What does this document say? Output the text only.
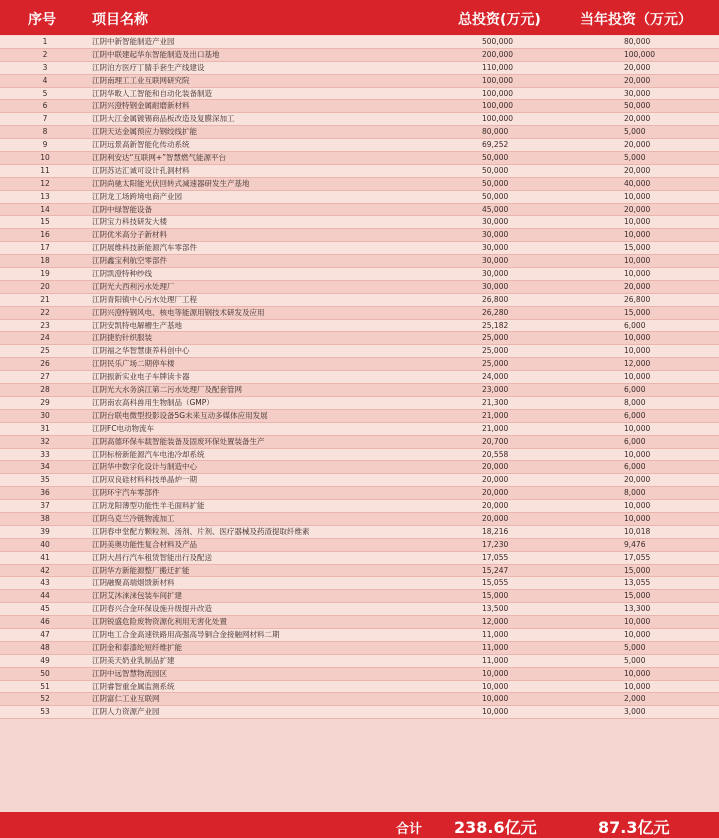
序号	项目名称	总投资(万元)	当年投资（万元）
1	江阴中新智能制造产业园	500,000	80,000
2	江阴中联建起华东智能制造及出口基地	200,000	100,000
3	江阴泊方医疗丁腈手套生产线建设	110,000	20,000
4	江阴南理工工业互联网研究院	100,000	20,000
5	江阴华畋人工智能和自动化装备制造	100,000	30,000
6	江阴兴澄特钢金属耐磨新材料	100,000	50,000
7	江阴大江金属镀锡商品板改造及复膜深加工	100,000	20,000
8	江阴天达金属预应力钢绞线扩能	80,000	5,000
9	江阴远景高新智能化传动系统	69,252	20,000
10	江阴利安达“互联网+”智慧燃气能源平台	50,000	5,000
11	江阴苏达汇诚可设计孔洞材料	50,000	20,000
12	江阴尚驰太阳能光伏回转式减速器研发生产基地	50,000	40,000
13	江阴龙工场跨境电商产业园	50,000	10,000
14	江阴中绿智能设备	45,000	20,000
15	江阴宝力科技研发大楼	30,000	10,000
16	江阴优米高分子新材料	30,000	10,000
17	江阴展维科技新能源汽车零部件	30,000	15,000
18	江阴鑫宝利航空零部件	30,000	10,000
19	江阴凯澄特种纱线	30,000	10,000
20	江阴光大西利污水处理厂	30,000	20,000
21	江阴青阳镇中心污水处理厂工程	26,800	26,800
22	江阴兴澄特钢风电、核电等能源用钢技术研发及应用	26,280	15,000
23	江阴安凯特电解槽生产基地	25,182	6,000
24	江阴捷豹针织服装	25,000	10,000
25	江阴福之华智慧康养科创中心	25,000	10,000
26	江阴民乐广场二期停车楼	25,000	12,000
27	江阴振新实业电子车牌读卡器	24,000	10,000
28	江阴光大水务滨江第二污水处理厂及配套管网	23,000	6,000
29	江阴南农高科兽用生物制品（GMP）	21,300	8,000
30	江阴台联电微型投影设备5G未来互动多媒体应用发展	21,000	6,000
31	江阴FC电动物流车	21,000	10,000
32	江阴高德环保车载智能装备及固废环保处置装备生产	20,700	6,000
33	江阴标榜新能源汽车电池冷却系统	20,558	10,000
34	江阴华中数字化设计与制造中心	20,000	6,000
35	江阴双良硅材料科技单晶炉一期	20,000	20,000
36	江阴环宇汽车零部件	20,000	8,000
37	江阴龙阳薄型功能性羊毛面料扩能	20,000	10,000
38	江阴乌克兰冷链物流加工	20,000	10,000
39	江阴春申堂配方颗粒剂、汤剂、片剂、医疗器械及药渣提取纤维素	18,216	10,018
40	江阴美奥功能性复合材料及产品	17,230	9,476
41	江阴大昌行汽车租赁智能出行及配送	17,055	17,055
42	江阴华方新能源整厂搬迁扩能	15,247	15,000
43	江阴融聚高端烟馈新材料	15,055	13,055
44	江阴艾沐涞涞包装车间扩建	15,000	15,000
45	江阴春兴合金环保设施升级提升改造	13,500	13,300
46	江阴锐盛危险废物资源化利用无害化处置	12,000	10,000
47	江阴电工合金高速铁路用高强高导铜合金接触网材料二期	11,000	10,000
48	江阴金和泰漆纶短纤维扩能	11,000	5,000
49	江阴美天奶业乳制品扩建	11,000	5,000
50	江阴中远智慧物流园区	10,000	10,000
51	江阴睿智重金属监测系统	10,000	10,000
52	江阴富仁工业互联网	10,000	2,000
53	江阴人力资源产业园	10,000	3,000
合计 238.6亿元	87.3亿元
